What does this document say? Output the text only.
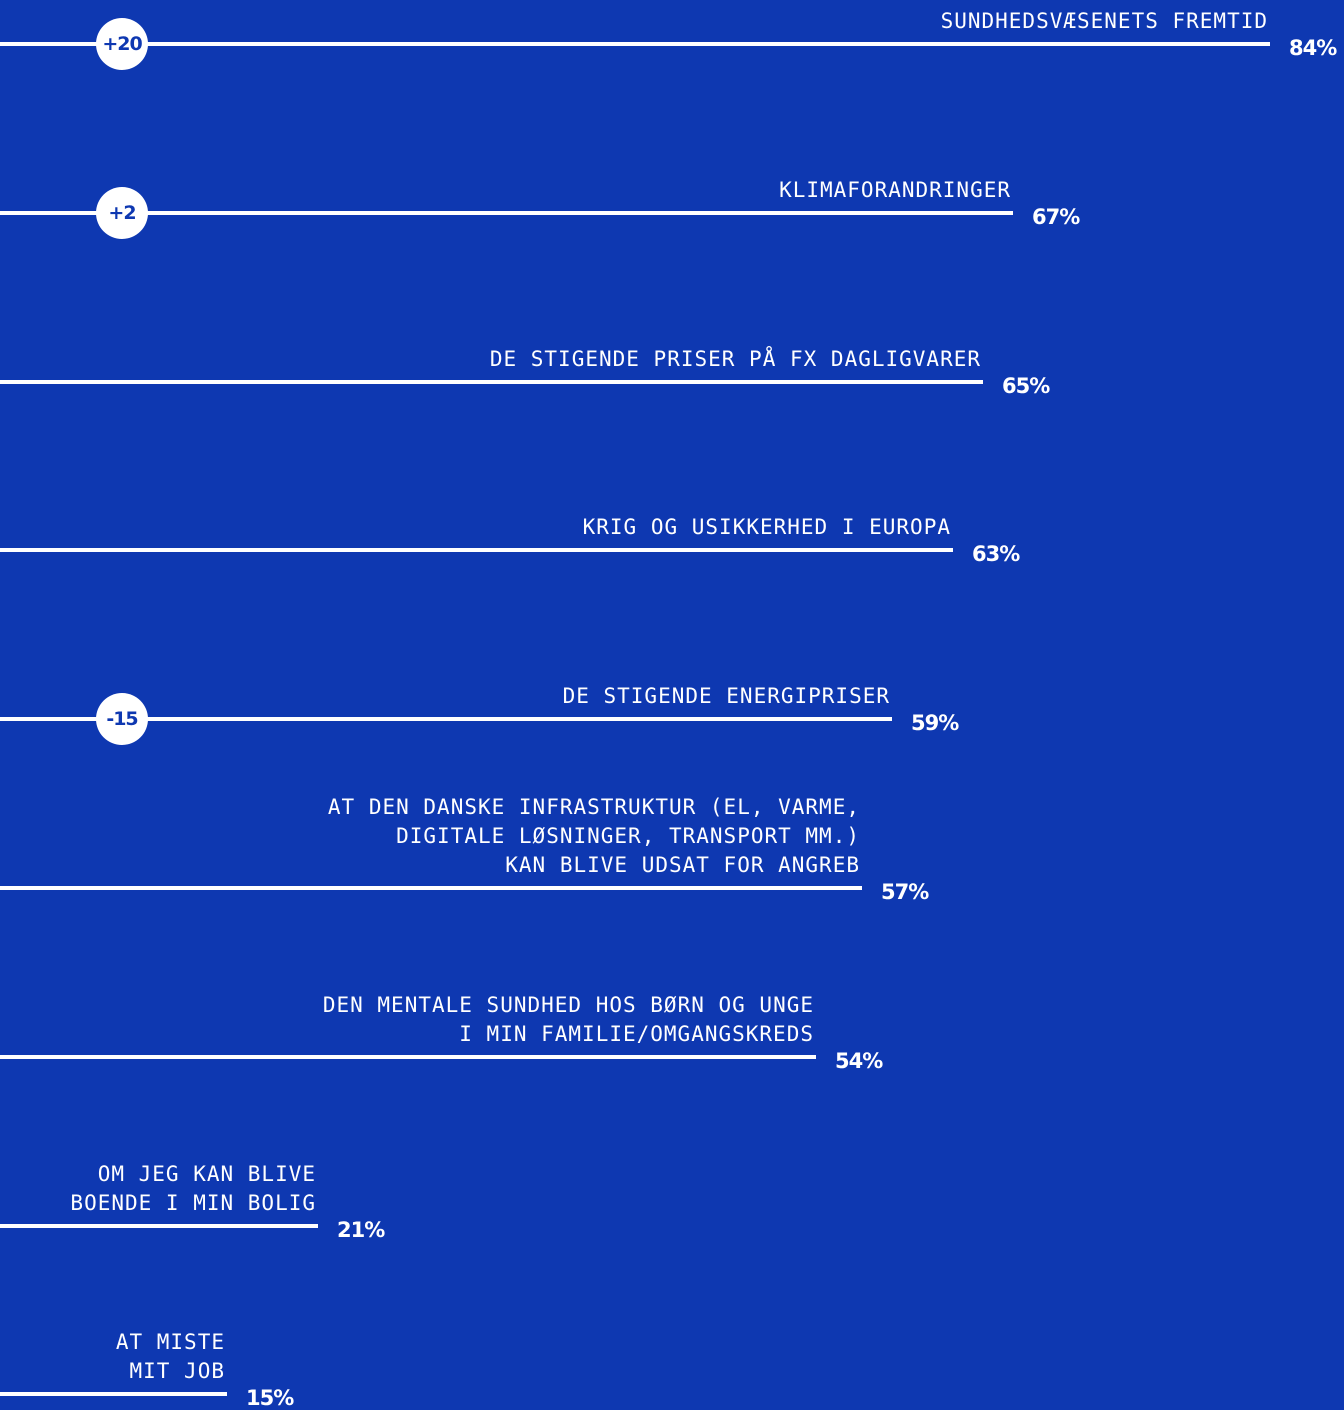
SUNDHEDSVÆSENETS FREMTID
84%
+20
KLIMAFORANDRINGER
67%
+2
DE STIGENDE PRISER PÅ FX DAGLIGVARER
65%
KRIG OG USIKKERHED I EUROPA
63%
DE STIGENDE ENERGIPRISER
59%
-15
AT DEN DANSKE INFRASTRUKTUR (EL, VARME,
DIGITALE LØSNINGER, TRANSPORT MM.)
KAN BLIVE UDSAT FOR ANGREB
57%
DEN MENTALE SUNDHED HOS BØRN OG UNGE
I MIN FAMILIE/OMGANGSKREDS
54%
OM JEG KAN BLIVE
BOENDE I MIN BOLIG
21%
AT MISTE
MIT JOB
15%
